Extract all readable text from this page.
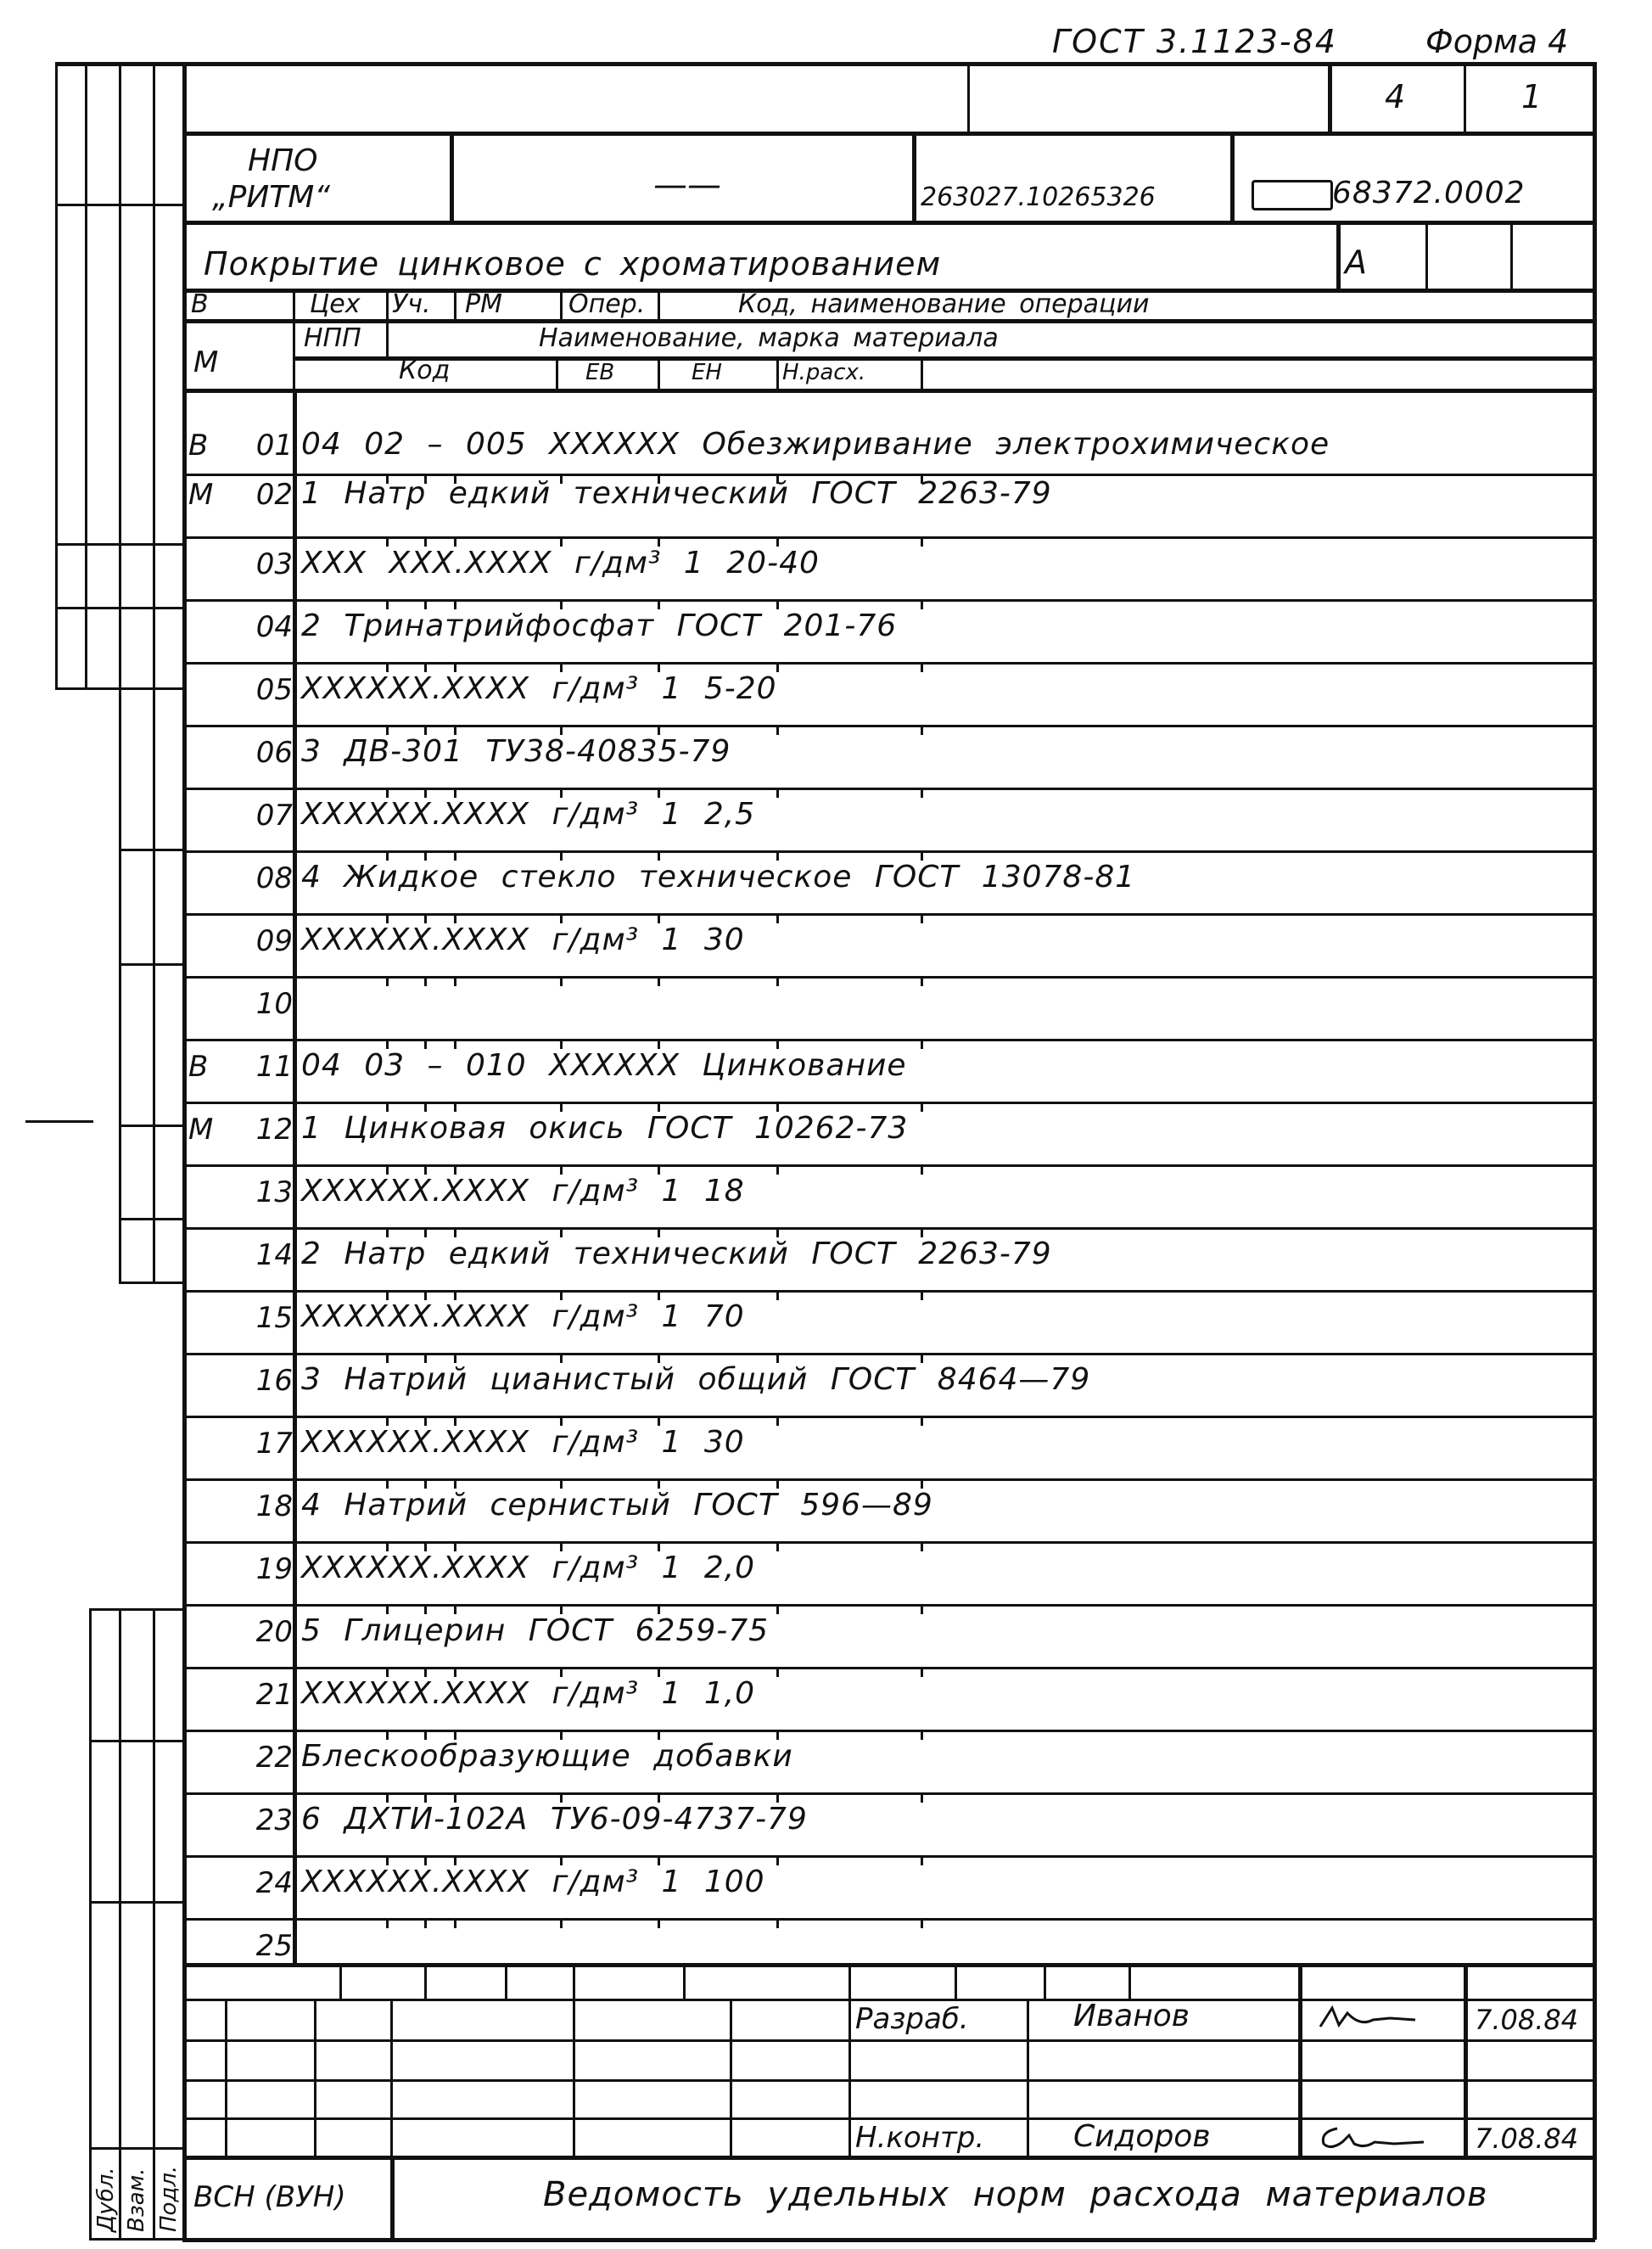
ГОСТ 3.1123-84	Форма 4
Дубл. Взам. Подл.
4	1
НПО
„РИТМ“	——	263027.10265326	68372.0002
Покрытие цинковое с хроматированием	А
В	Цех Уч. РМ	Опер.	Код, наименование операции
М
НПП	Наименование, марка материала
Код	ЕВ	ЕН	Н.расх.
В	01 04 02 – 005 ХХХХХХ Обезжиривание электрохимическое
М	02 1 Натр едкий технический ГОСТ 2263-79
03 ХХХ ХХХ.ХХХХ г/дм³ 1 20-40
04 2 Тринатрийфосфат ГОСТ 201-76
05 ХХХХХХ.ХХХХ г/дм³ 1 5-20
06 3 ДВ-301 ТУ38-40835-79
07 ХХХХХХ.ХХХХ г/дм³ 1 2,5
08 4 Жидкое стекло техническое ГОСТ 13078-81
09 ХХХХХХ.ХХХХ г/дм³ 1 30
10
В	11 04 03 – 010 ХХХХХХ Цинкование
М	12 1 Цинковая окись ГОСТ 10262-73
13 ХХХХХХ.ХХХХ г/дм³ 1 18
14 2 Натр едкий технический ГОСТ 2263-79
15 ХХХХХХ.ХХХХ г/дм³ 1 70
16 3 Натрий цианистый общий ГОСТ 8464—79
17 ХХХХХХ.ХХХХ г/дм³ 1 30
18 4 Натрий сернистый ГОСТ 596—89
19 ХХХХХХ.ХХХХ г/дм³ 1 2,0
20 5 Глицерин ГОСТ 6259-75
21 ХХХХХХ.ХХХХ г/дм³ 1 1,0
22 Блескообразующие добавки
23 6 ДХТИ-102А ТУ6-09-4737-79
24 ХХХХХХ.ХХХХ г/дм³ 1 100
25
Разраб.	Иванов	7.08.84
Н.контр.	Сидоров	7.08.84
ВСН (ВУН)	Ведомость удельных норм расхода материалов
